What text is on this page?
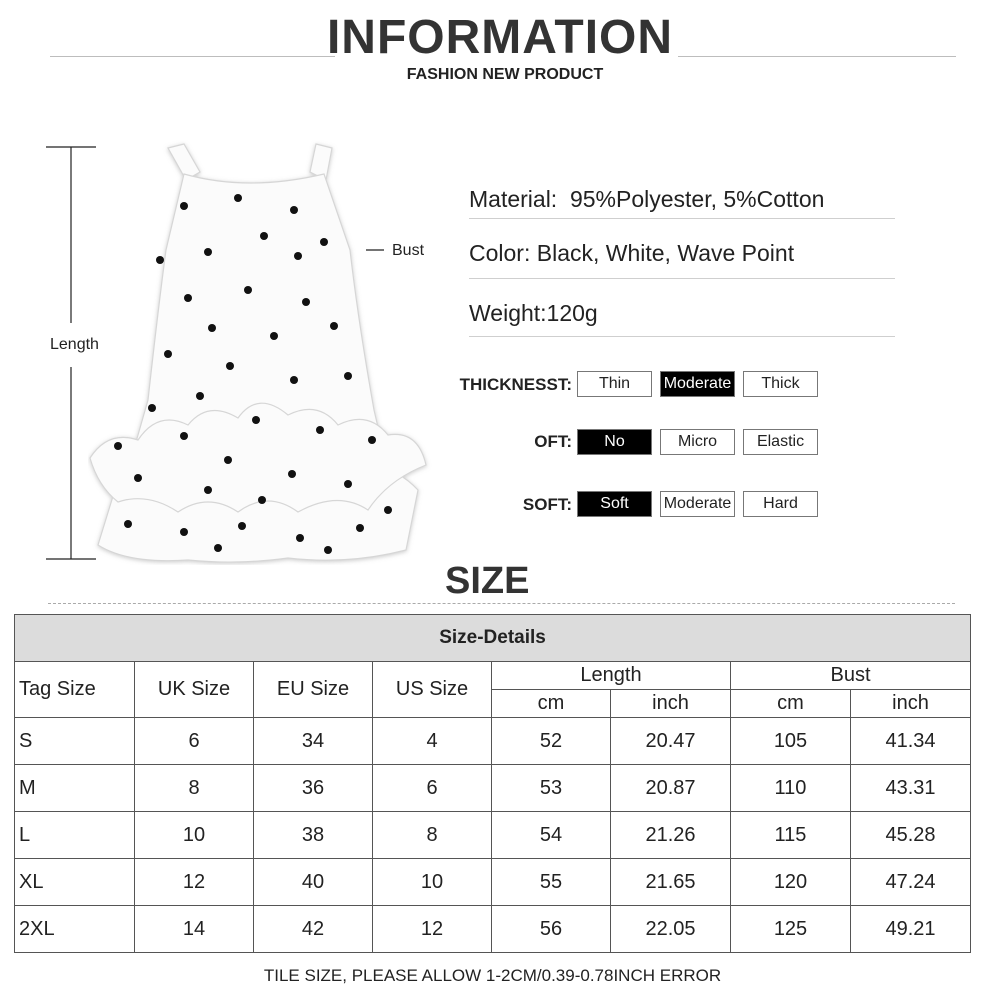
INFORMATION
FASHION NEW PRODUCT
Length
Bust
Material:  95%Polyester, 5%Cotton
Color: Black, White, Wave Point
Weight:120g
THICKNESST:	Thin	Moderate	Thick
OFT:	No	Micro	Elastic
SOFT:	Soft	Moderate	Hard
SIZE
Size-Details							
Tag Size	UK Size	EU Size	US Size	Length		Bust	
				cm	inch	cm	inch
S	6	34	4	52	20.47	105	41.34
M	8	36	6	53	20.87	110	43.31
L	10	38	8	54	21.26	115	45.28
XL	12	40	10	55	21.65	120	47.24
2XL	14	42	12	56	22.05	125	49.21
TILE SIZE, PLEASE ALLOW 1-2CM/0.39-0.78INCH ERROR
